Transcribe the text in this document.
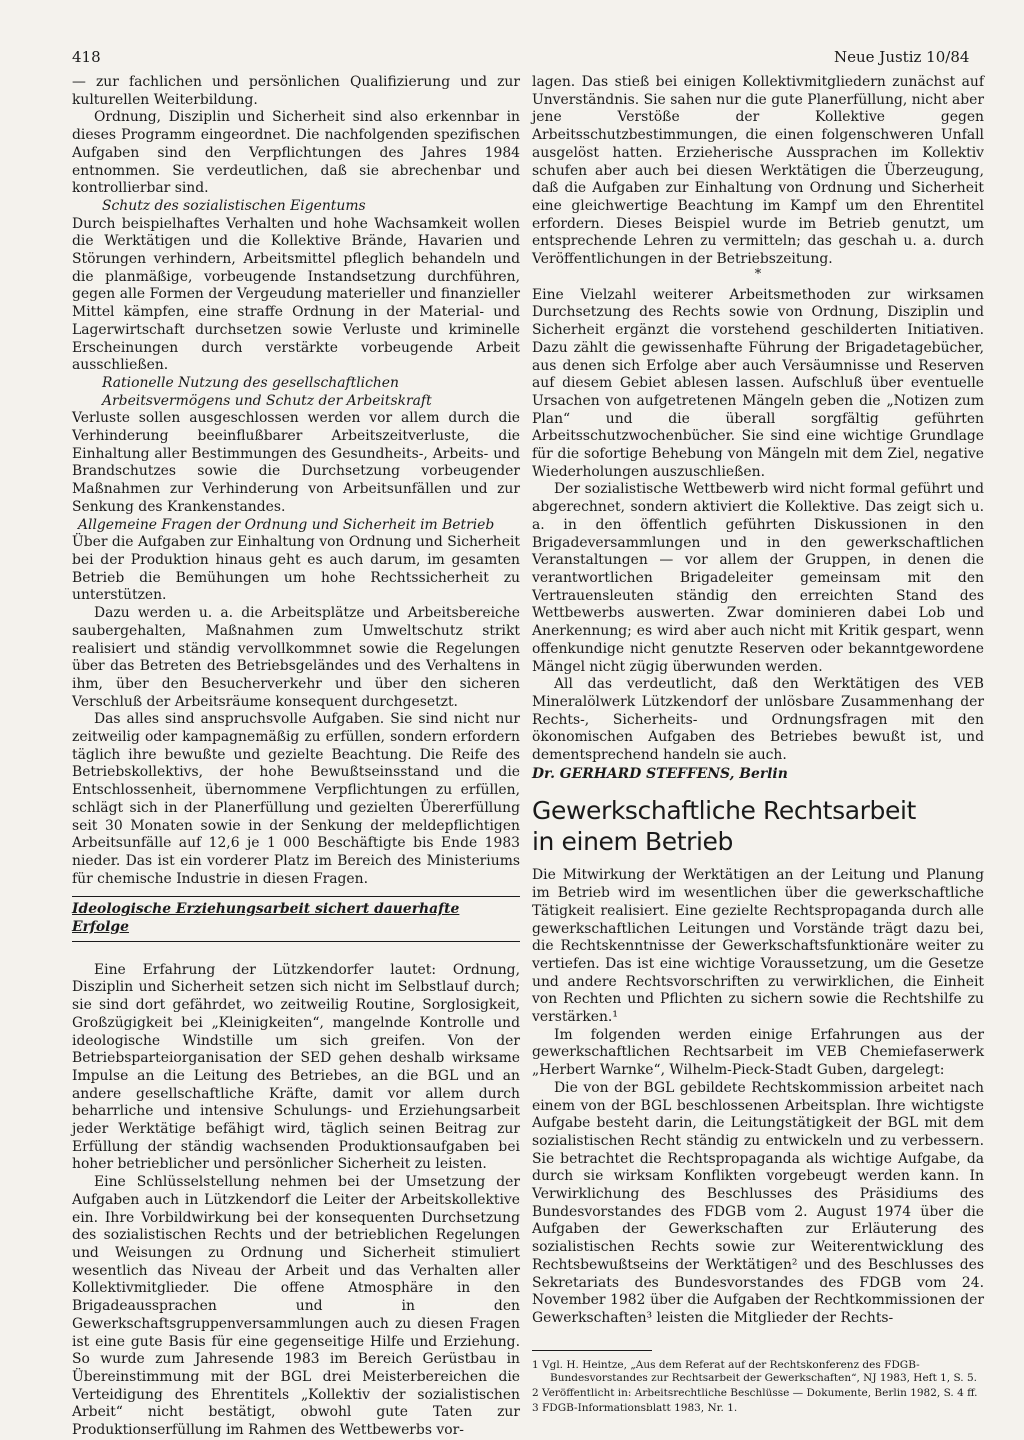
418	Neue Justiz 10/84

— zur fachlichen und persönlichen Qualifizierung und zur kulturellen Weiterbildung.

Ordnung, Disziplin und Sicherheit sind also erkennbar in dieses Programm eingeordnet. Die nachfolgenden spezifischen Aufgaben sind den Verpflichtungen des Jahres 1984 entnommen. Sie verdeutlichen, daß sie abrechenbar und kontrollierbar sind.

Schutz des sozialistischen Eigentums

Durch beispielhaftes Verhalten und hohe Wachsamkeit wollen die Werktätigen und die Kollektive Brände, Havarien und Störungen verhindern, Arbeitsmittel pfleglich behandeln und die planmäßige, vorbeugende Instandsetzung durchführen, gegen alle Formen der Vergeudung materieller und finanzieller Mittel kämpfen, eine straffe Ordnung in der Material- und Lagerwirtschaft durchsetzen sowie Verluste und kriminelle Erscheinungen durch verstärkte vorbeugende Arbeit ausschließen.

Rationelle Nutzung des gesellschaftlichen

Arbeitsvermögens und Schutz der Arbeitskraft

Verluste sollen ausgeschlossen werden vor allem durch die Verhinderung beeinflußbarer Arbeitszeitverluste, die Einhaltung aller Bestimmungen des Gesundheits-, Arbeits- und Brandschutzes sowie die Durchsetzung vorbeugender Maßnahmen zur Verhinderung von Arbeitsunfällen und zur Senkung des Krankenstandes.

Allgemeine Fragen der Ordnung und Sicherheit im Betrieb

Über die Aufgaben zur Einhaltung von Ordnung und Sicherheit bei der Produktion hinaus geht es auch darum, im gesamten Betrieb die Bemühungen um hohe Rechtssicherheit zu unterstützen.

Dazu werden u. a. die Arbeitsplätze und Arbeitsbereiche saubergehalten, Maßnahmen zum Umweltschutz strikt realisiert und ständig vervollkommnet sowie die Regelungen über das Betreten des Betriebsgeländes und des Verhaltens in ihm, über den Besucherverkehr und über den sicheren Verschluß der Arbeitsräume konsequent durchgesetzt.

Das alles sind anspruchsvolle Aufgaben. Sie sind nicht nur zeitweilig oder kampagnemäßig zu erfüllen, sondern erfordern täglich ihre bewußte und gezielte Beachtung. Die Reife des Betriebskollektivs, der hohe Bewußtseinsstand und die Entschlossenheit, übernommene Verpflichtungen zu erfüllen, schlägt sich in der Planerfüllung und gezielten Übererfüllung seit 30 Monaten sowie in der Senkung der meldepflichtigen Arbeitsunfälle auf 12,6 je 1 000 Beschäftigte bis Ende 1983 nieder. Das ist ein vorderer Platz im Bereich des Ministeriums für chemische Industrie in diesen Fragen.

Ideologische Erziehungsarbeit sichert dauerhafte Erfolge

Eine Erfahrung der Lützkendorfer lautet: Ordnung, Disziplin und Sicherheit setzen sich nicht im Selbstlauf durch; sie sind dort gefährdet, wo zeitweilig Routine, Sorglosigkeit, Großzügigkeit bei „Kleinigkeiten“, mangelnde Kontrolle und ideologische Windstille um sich greifen. Von der Betriebsparteiorganisation der SED gehen deshalb wirksame Impulse an die Leitung des Betriebes, an die BGL und an andere gesellschaftliche Kräfte, damit vor allem durch beharrliche und intensive Schulungs- und Erziehungsarbeit jeder Werktätige befähigt wird, täglich seinen Beitrag zur Erfüllung der ständig wachsenden Produktionsaufgaben bei hoher betrieblicher und persönlicher Sicherheit zu leisten.

Eine Schlüsselstellung nehmen bei der Umsetzung der Aufgaben auch in Lützkendorf die Leiter der Arbeitskollektive ein. Ihre Vorbildwirkung bei der konsequenten Durchsetzung des sozialistischen Rechts und der betrieblichen Regelungen und Weisungen zu Ordnung und Sicherheit stimuliert wesentlich das Niveau der Arbeit und das Verhalten aller Kollektivmitglieder. Die offene Atmosphäre in den Brigadeaussprachen und in den Gewerkschaftsgruppenversammlungen auch zu diesen Fragen ist eine gute Basis für eine gegenseitige Hilfe und Erziehung. So wurde zum Jahresende 1983 im Bereich Gerüstbau in Übereinstimmung mit der BGL drei Meisterbereichen die Verteidigung des Ehrentitels „Kollektiv der sozialistischen Arbeit“ nicht bestätigt, obwohl gute Taten zur Produktionserfüllung im Rahmen des Wettbewerbs vor-

lagen. Das stieß bei einigen Kollektivmitgliedern zunächst auf Unverständnis. Sie sahen nur die gute Planerfüllung, nicht aber jene Verstöße der Kollektive gegen Arbeitsschutzbestimmungen, die einen folgenschweren Unfall ausgelöst hatten. Erzieherische Aussprachen im Kollektiv schufen aber auch bei diesen Werktätigen die Überzeugung, daß die Aufgaben zur Einhaltung von Ordnung und Sicherheit eine gleichwertige Beachtung im Kampf um den Ehrentitel erfordern. Dieses Beispiel wurde im Betrieb genutzt, um entsprechende Lehren zu vermitteln; das geschah u. a. durch Veröffentlichungen in der Betriebszeitung.

*

Eine Vielzahl weiterer Arbeitsmethoden zur wirksamen Durchsetzung des Rechts sowie von Ordnung, Disziplin und Sicherheit ergänzt die vorstehend geschilderten Initiativen. Dazu zählt die gewissenhafte Führung der Brigadetagebücher, aus denen sich Erfolge aber auch Versäumnisse und Reserven auf diesem Gebiet ablesen lassen. Aufschluß über eventuelle Ursachen von aufgetretenen Mängeln geben die „Notizen zum Plan“ und die überall sorgfältig geführten Arbeitsschutzwochenbücher. Sie sind eine wichtige Grundlage für die sofortige Behebung von Mängeln mit dem Ziel, negative Wiederholungen auszuschließen.

Der sozialistische Wettbewerb wird nicht formal geführt und abgerechnet, sondern aktiviert die Kollektive. Das zeigt sich u. a. in den öffentlich geführten Diskussionen in den Brigadeversammlungen und in den gewerkschaftlichen Veranstaltungen — vor allem der Gruppen, in denen die verantwortlichen Brigadeleiter gemeinsam mit den Vertrauensleuten ständig den erreichten Stand des Wettbewerbs auswerten. Zwar dominieren dabei Lob und Anerkennung; es wird aber auch nicht mit Kritik gespart, wenn offenkundige nicht genutzte Reserven oder bekanntgewordene Mängel nicht zügig überwunden werden.

All das verdeutlicht, daß den Werktätigen des VEB Mineralölwerk Lützkendorf der unlösbare Zusammenhang der Rechts-, Sicherheits- und Ordnungsfragen mit den ökonomischen Aufgaben des Betriebes bewußt ist, und dementsprechend handeln sie auch.

Dr. GERHARD STEFFENS, Berlin
Gewerkschaftliche Rechtsarbeit
in einem Betrieb

Die Mitwirkung der Werktätigen an der Leitung und Planung im Betrieb wird im wesentlichen über die gewerkschaftliche Tätigkeit realisiert. Eine gezielte Rechtspropaganda durch alle gewerkschaftlichen Leitungen und Vorstände trägt dazu bei, die Rechtskenntnisse der Gewerkschaftsfunktionäre weiter zu vertiefen. Das ist eine wichtige Voraussetzung, um die Gesetze und andere Rechtsvorschriften zu verwirklichen, die Einheit von Rechten und Pflichten zu sichern sowie die Rechtshilfe zu verstärken.¹

Im folgenden werden einige Erfahrungen aus der gewerkschaftlichen Rechtsarbeit im VEB Chemiefaserwerk „Herbert Warnke“, Wilhelm-Pieck-Stadt Guben, dargelegt:

Die von der BGL gebildete Rechtskommission arbeitet nach einem von der BGL beschlossenen Arbeitsplan. Ihre wichtigste Aufgabe besteht darin, die Leitungstätigkeit der BGL mit dem sozialistischen Recht ständig zu entwickeln und zu verbessern. Sie betrachtet die Rechtspropaganda als wichtige Aufgabe, da durch sie wirksam Konflikten vorgebeugt werden kann. In Verwirklichung des Beschlusses des Präsidiums des Bundesvorstandes des FDGB vom 2. August 1974 über die Aufgaben der Gewerkschaften zur Erläuterung des sozialistischen Rechts sowie zur Weiterentwicklung des Rechtsbewußtseins der Werktätigen² und des Beschlusses des Sekretariats des Bundesvorstandes des FDGB vom 24. November 1982 über die Aufgaben der Rechtkommissionen der Gewerkschaften³ leisten die Mitglieder der Rechts-

1 Vgl. H. Heintze, „Aus dem Referat auf der Rechtskonferenz des FDGB-Bundesvorstandes zur Rechtsarbeit der Gewerkschaften“, NJ 1983, Heft 1, S. 5.

2 Veröffentlicht in: Arbeitsrechtliche Beschlüsse — Dokumente, Berlin 1982, S. 4 ff.

3 FDGB-Informationsblatt 1983, Nr. 1.
